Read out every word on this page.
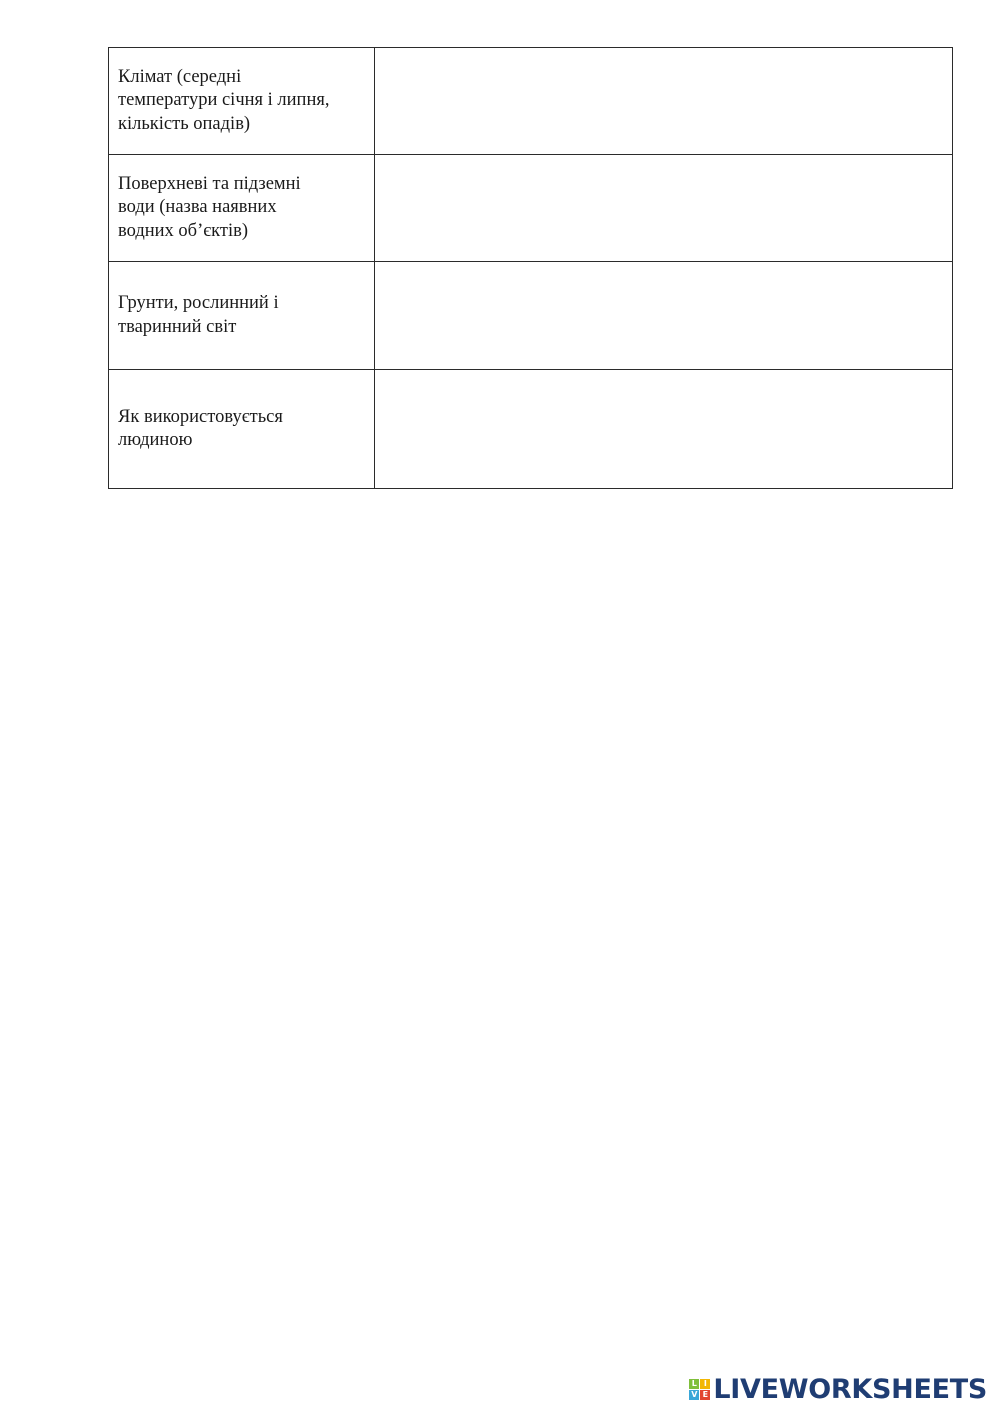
Клімат (середні
температури січня і липня,
кількість опадів)	

Поверхневі та підземні
води (назва наявних
водних об’єктів)	

Грунти, рослинний і
тваринний світ	

Як використовується
людиною	

L I
V E LIVEWORKSHEETS
